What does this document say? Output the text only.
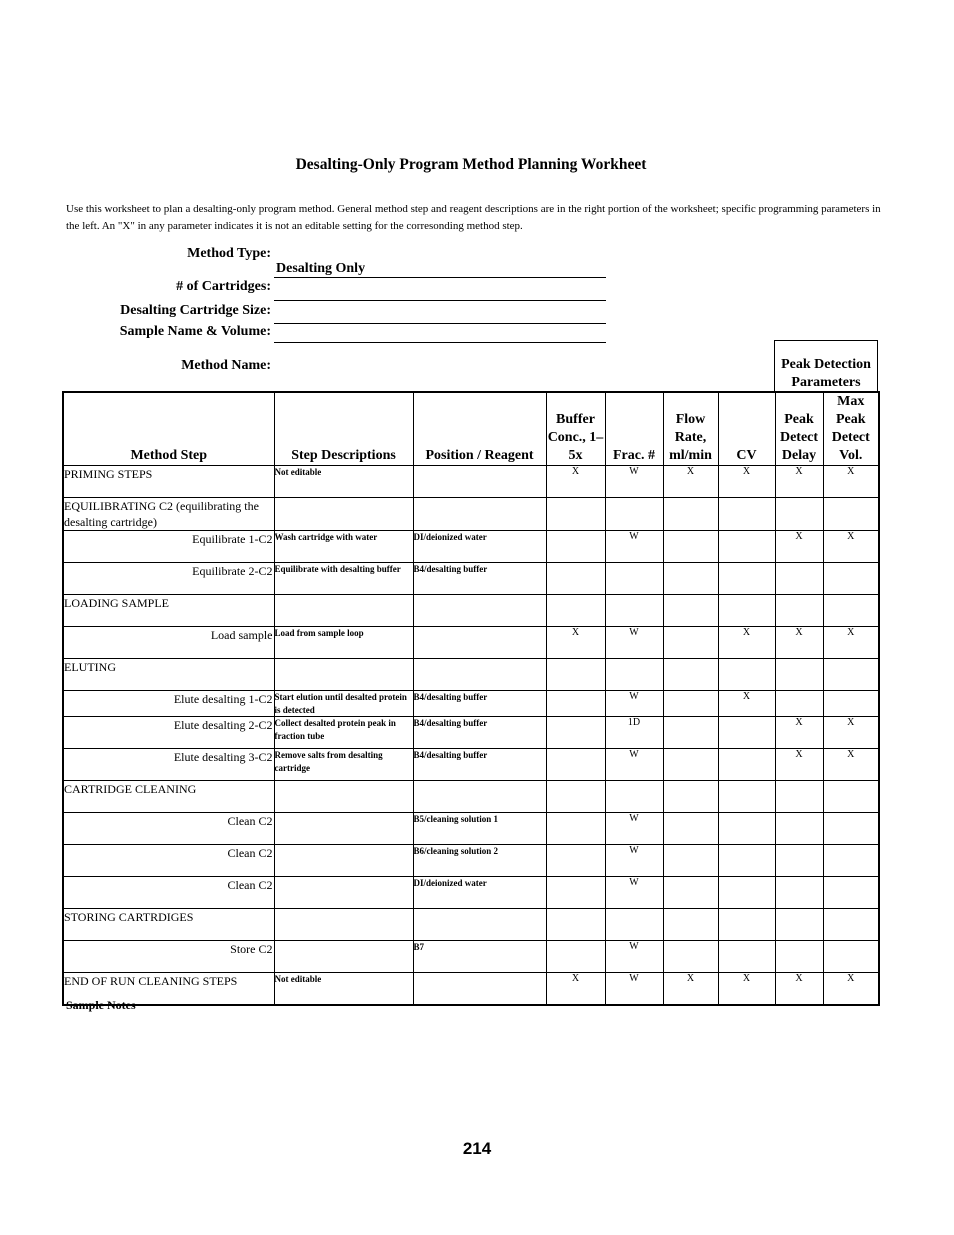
Desalting-Only Program Method Planning Workheet
Use this worksheet to plan a desalting-only program method. General method step and reagent descriptions are in the right portion of the worksheet; specific programming parameters in the left. An "X" in any parameter indicates it is not an editable setting for the corresonding method step.
Method Type:
Desalting Only
# of Cartridges:
Desalting Cartridge Size:
Sample Name & Volume:
Method Name:	Peak Detection Parameters
Method Step	Step Descriptions	Position / Reagent	Buffer Conc., 1–5x	Frac. #	Flow Rate, ml/min	CV	Peak Detect Delay	Max Peak Detect Vol.
PRIMING STEPS	Not editable		X	W	X	X	X	X
EQUILIBRATING C2 (equilibrating the desalting cartridge)								
Equilibrate 1-C2	Wash cartridge with water	DI/deionized water		W			X	X
Equilibrate 2-C2	Equilibrate with desalting buffer	B4/desalting buffer						
LOADING SAMPLE								
Load sample	Load from sample loop		X	W		X	X	X
ELUTING								
Elute desalting 1-C2	Start elution until desalted protein is detected	B4/desalting buffer		W		X		
Elute desalting 2-C2	Collect desalted protein peak in fraction tube	B4/desalting buffer		1D			X	X
Elute desalting 3-C2	Remove salts from desalting cartridge	B4/desalting buffer		W			X	X
CARTRIDGE CLEANING								
Clean C2		B5/cleaning solution 1		W				
Clean C2		B6/cleaning solution 2		W				
Clean C2		DI/deionized water		W				
STORING CARTRDIGES								
Store C2		B7		W				
END OF RUN CLEANING STEPS	Not editable		X	W	X	X	X	X
Sample Notes
214
